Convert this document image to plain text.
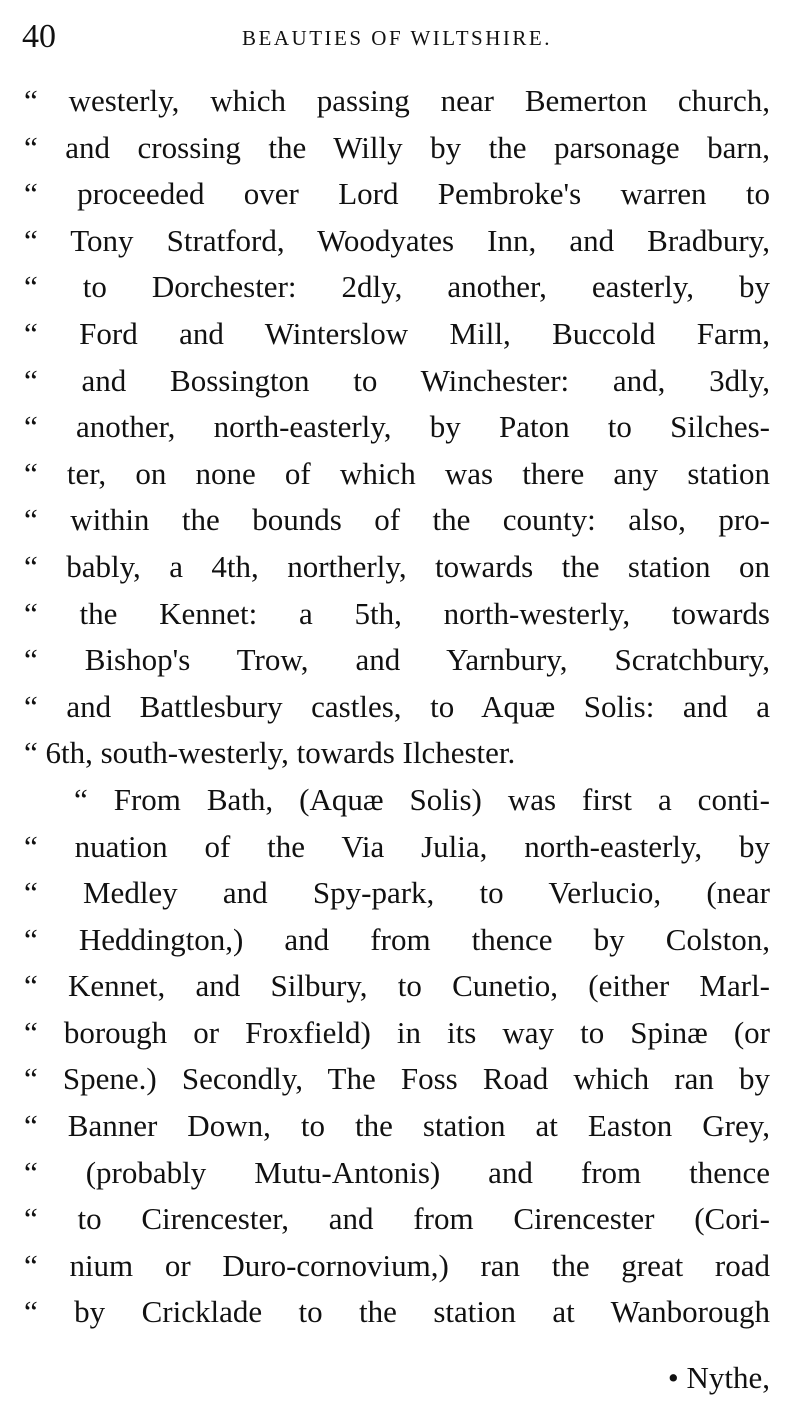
40	BEAUTIES OF WILTSHIRE.
“ westerly, which passing near Bemerton church,
“ and crossing the Willy by the parsonage barn,
“ proceeded over Lord Pembroke's warren to
“ Tony Stratford, Woodyates Inn, and Bradbury,
“ to Dorchester: 2dly, another, easterly, by
“ Ford and Winterslow Mill, Buccold Farm,
“ and Bossington to Winchester: and, 3dly,
“ another, north-easterly, by Paton to Silches-
“ ter, on none of which was there any station
“ within the bounds of the county: also, pro-
“ bably, a 4th, northerly, towards the station on
“ the Kennet: a 5th, north-westerly, towards
“ Bishop's Trow, and Yarnbury, Scratchbury,
“ and Battlesbury castles, to Aquæ Solis: and a
“ 6th, south-westerly, towards Ilchester.
“ From Bath, (Aquæ Solis) was first a conti-
“ nuation of the Via Julia, north-easterly, by
“ Medley and Spy-park, to Verlucio, (near
“ Heddington,) and from thence by Colston,
“ Kennet, and Silbury, to Cunetio, (either Marl-
“ borough or Froxfield) in its way to Spinæ (or
“ Spene.) Secondly, The Foss Road which ran by
“ Banner Down, to the station at Easton Grey,
“ (probably Mutu-Antonis) and from thence
“ to Cirencester, and from Cirencester (Cori-
“ nium or Duro-cornovium,) ran the great road
“ by Cricklade to the station at Wanborough
• Nythe,
